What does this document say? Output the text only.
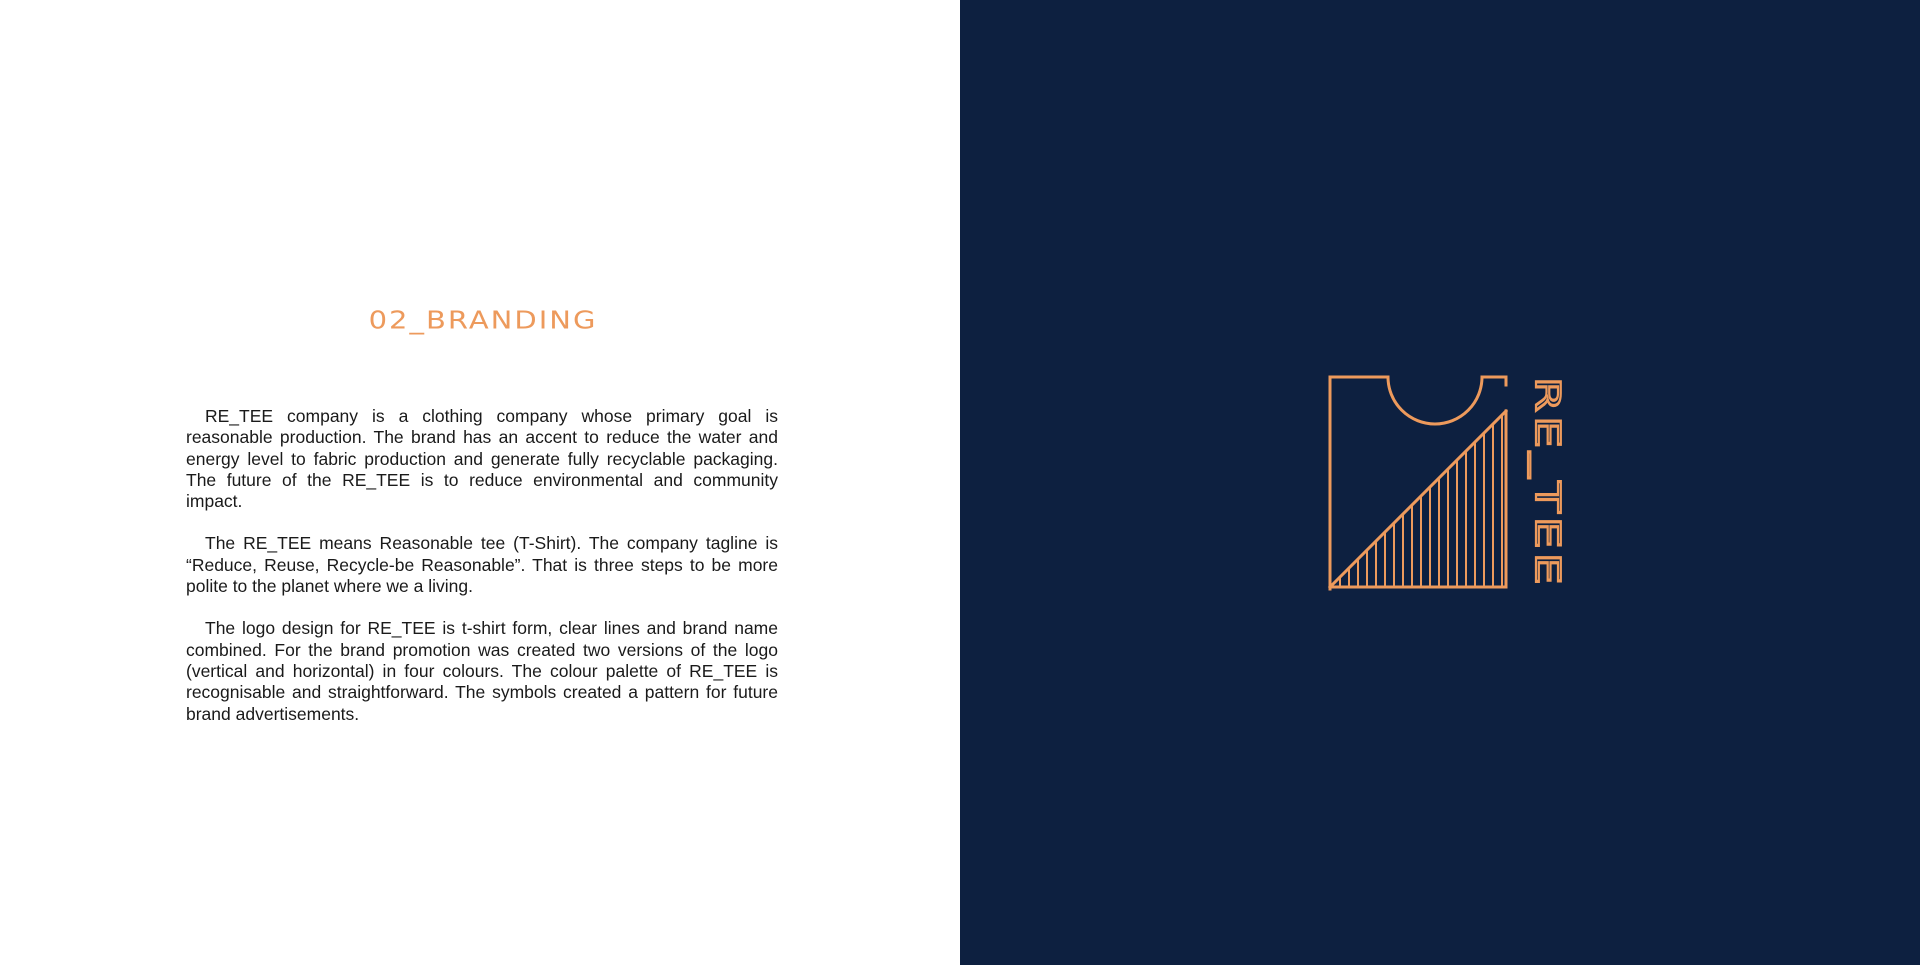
02_BRANDING

RE_TEE company is a clothing company whose primary goal is reasonable production. The brand has an accent to reduce the water and energy level to fabric production and generate fully recyclable packaging. The future of the RE_TEE is to reduce environmental and community impact.

The RE_TEE means Reasonable tee (T-Shirt). The company tagline is “Reduce, Reuse, Recycle-be Reasonable”. That is three steps to be more polite to the planet where we a living.

The logo design for RE_TEE is t-shirt form, clear lines and brand name combined. For the brand promotion was created two versions of the logo (vertical and horizontal) in four colours. The colour palette of RE_TEE is recognisable and straightforward. The symbols created a pattern for future brand advertisements.

RE_TEE
